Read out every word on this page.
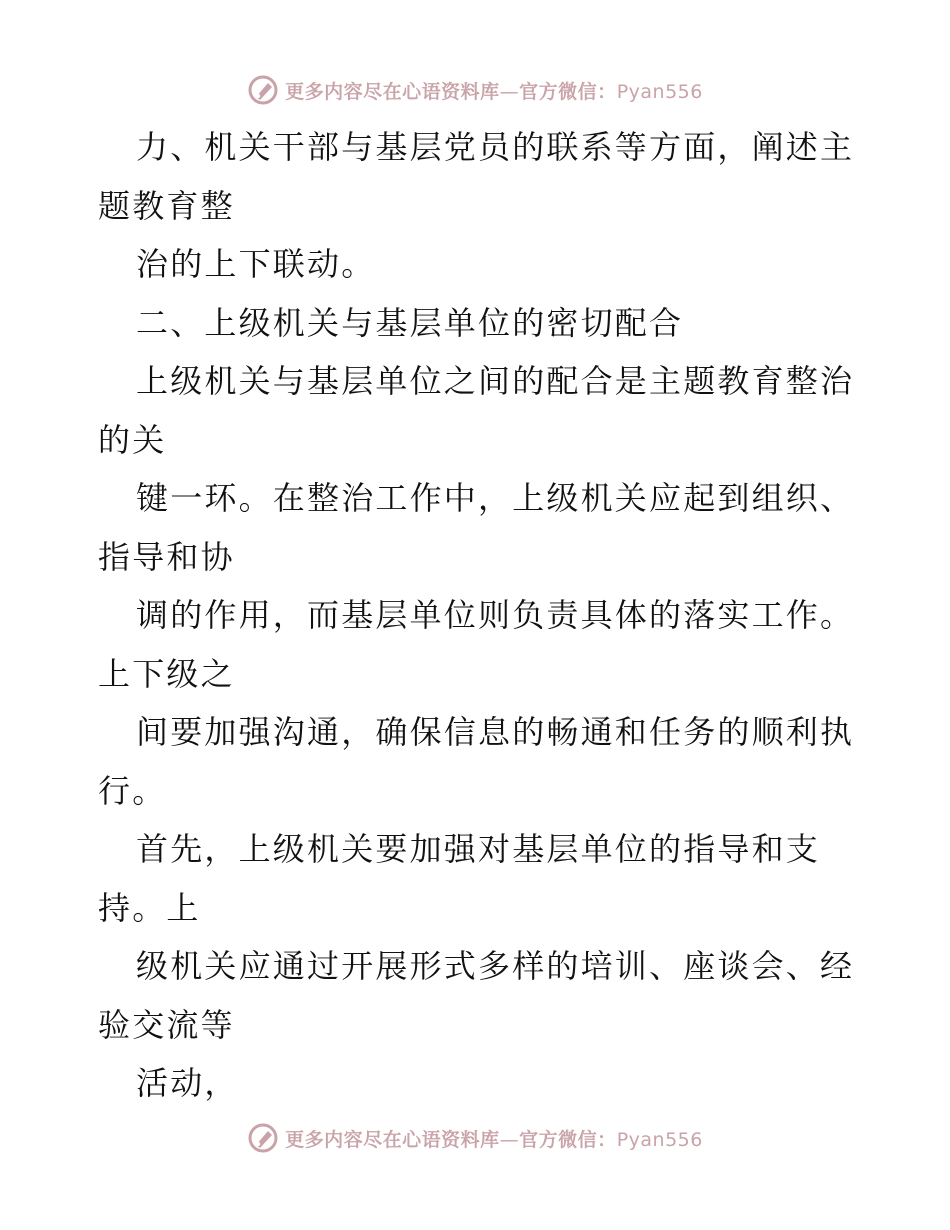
更多内容尽在心语资料库—官方微信：Pyan556
力、机关干部与基层党员的联系等方面，阐述主
题教育整
治的上下联动。
二、上级机关与基层单位的密切配合
上级机关与基层单位之间的配合是主题教育整治
的关
键一环。在整治工作中，上级机关应起到组织、
指导和协
调的作用，而基层单位则负责具体的落实工作。
上下级之
间要加强沟通，确保信息的畅通和任务的顺利执
行。
首先，上级机关要加强对基层单位的指导和支
持。上
级机关应通过开展形式多样的培训、座谈会、经
验交流等
活动，
更多内容尽在心语资料库—官方微信：Pyan556
